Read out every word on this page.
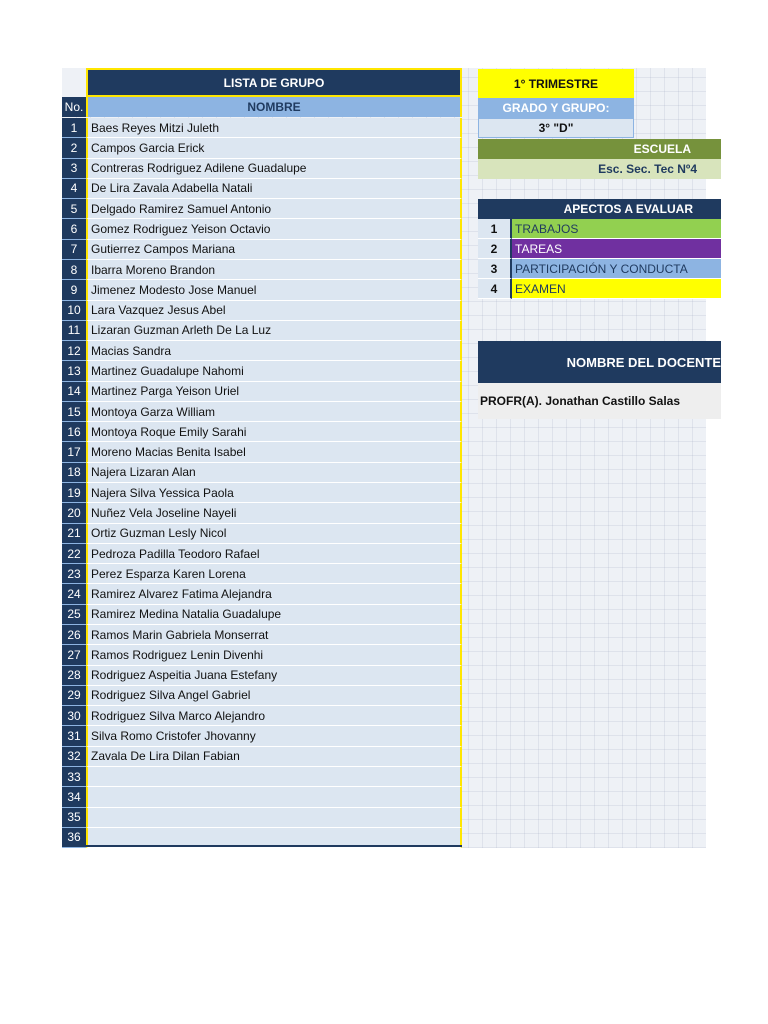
LISTA DE GRUPO
No.	NOMBRE
1	Baes Reyes Mitzi Juleth
2	Campos Garcia Erick
3	Contreras Rodriguez Adilene Guadalupe
4	De Lira Zavala Adabella Natali
5	Delgado Ramirez Samuel Antonio
6	Gomez Rodriguez Yeison Octavio
7	Gutierrez Campos Mariana
8	Ibarra Moreno Brandon
9	Jimenez Modesto Jose Manuel
10 Lara Vazquez Jesus Abel
11 Lizaran Guzman Arleth De La Luz
12 Macias Sandra
13 Martinez Guadalupe Nahomi
14 Martinez Parga Yeison Uriel
15 Montoya Garza William
16 Montoya Roque Emily Sarahi
17 Moreno Macias Benita Isabel
18 Najera Lizaran Alan
19 Najera Silva Yessica Paola
20 Nuñez Vela Joseline Nayeli
21 Ortiz Guzman Lesly Nicol
22 Pedroza Padilla Teodoro Rafael
23 Perez Esparza Karen Lorena
24 Ramirez Alvarez Fatima Alejandra
25 Ramirez Medina Natalia Guadalupe
26 Ramos Marin Gabriela Monserrat
27 Ramos Rodriguez Lenin Divenhi
28 Rodriguez Aspeitia Juana Estefany
29 Rodriguez Silva Angel Gabriel
30 Rodriguez Silva Marco Alejandro
31 Silva Romo Cristofer Jhovanny
32 Zavala De Lira Dilan Fabian
33
34
35
36
1° TRIMESTRE
GRADO Y GRUPO:
3° "D"
ESCUELA
Esc. Sec. Tec Nº4
APECTOS A EVALUAR
1	TRABAJOS
2	TAREAS
3	PARTICIPACIÓN Y CONDUCTA
4	EXAMEN
NOMBRE DEL DOCENTE
PROFR(A). Jonathan Castillo Salas
